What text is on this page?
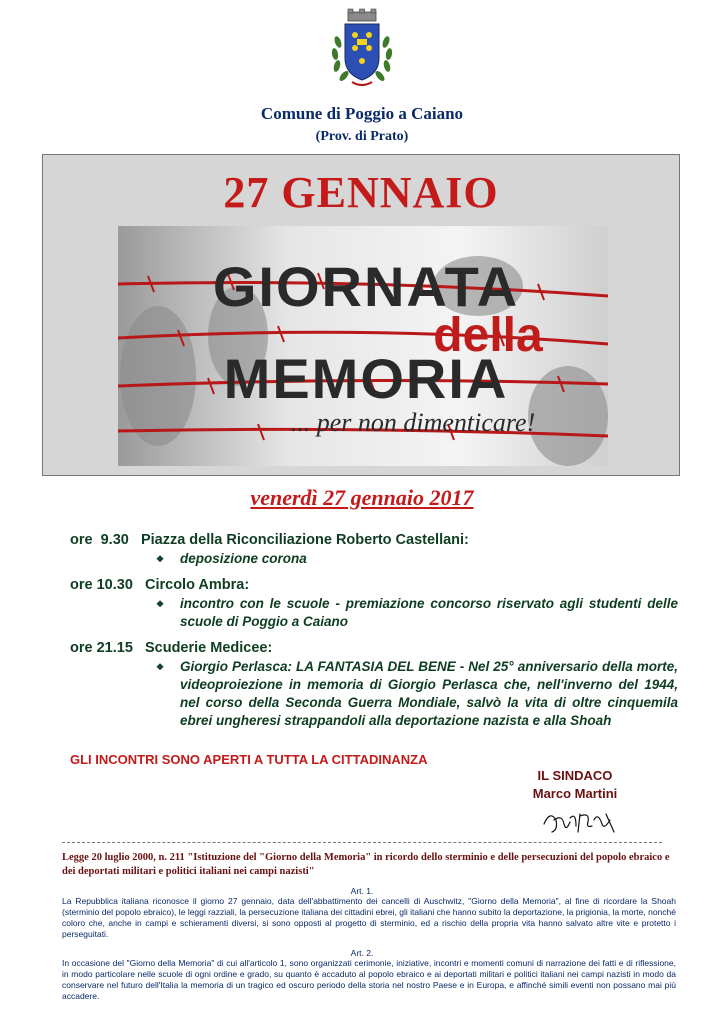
Comune di Poggio a Caiano
(Prov. di Prato)
27 GENNAIO
GIORNATA
della
MEMORIA
... per non dimenticare!
venerdì 27 gennaio 2017
ore  9.30 Piazza della Riconciliazione Roberto Castellani:
❖ deposizione corona
ore 10.30 Circolo Ambra:
❖ incontro con le scuole - premiazione concorso riservato agli studenti delle scuole di Poggio a Caiano
ore 21.15 Scuderie Medicee:
❖ Giorgio Perlasca: LA FANTASIA DEL BENE - Nel 25° anniversario della morte, videoproiezione in memoria di Giorgio Perlasca che, nell'inverno del 1944, nel corso della Seconda Guerra Mondiale, salvò la vita di oltre cinquemila ebrei ungheresi strappandoli alla deportazione nazista e alla Shoah
GLI INCONTRI SONO APERTI A TUTTA LA CITTADINANZA
IL SINDACO
Marco Martini
Legge 20 luglio 2000, n. 211 "Istituzione del "Giorno della Memoria" in ricordo dello sterminio e delle persecuzioni del popolo ebraico e dei deportati militari e politici italiani nei campi nazisti"
Art. 1.
La Repubblica italiana riconosce il giorno 27 gennaio, data dell'abbattimento dei cancelli di Auschwitz, "Giorno della Memoria", al fine di ricordare la Shoah (sterminio del popolo ebraico), le leggi razziali, la persecuzione italiana dei cittadini ebrei, gli italiani che hanno subito la deportazione, la prigionia, la morte, nonché coloro che, anche in campi e schieramenti diversi, si sono opposti al progetto di sterminio, ed a rischio della propria vita hanno salvato altre vite e protetto i perseguitati.
Art. 2.
In occasione del "Giorno della Memoria" di cui all'articolo 1, sono organizzati cerimonie, iniziative, incontri e momenti comuni di narrazione dei fatti e di riflessione, in modo particolare nelle scuole di ogni ordine e grado, su quanto è accaduto al popolo ebraico e ai deportati militari e politici italiani nei campi nazisti in modo da conservare nel futuro dell'Italia la memoria di un tragico ed oscuro periodo della storia nel nostro Paese e in Europa, e affinché simili eventi non possano mai più accadere.
